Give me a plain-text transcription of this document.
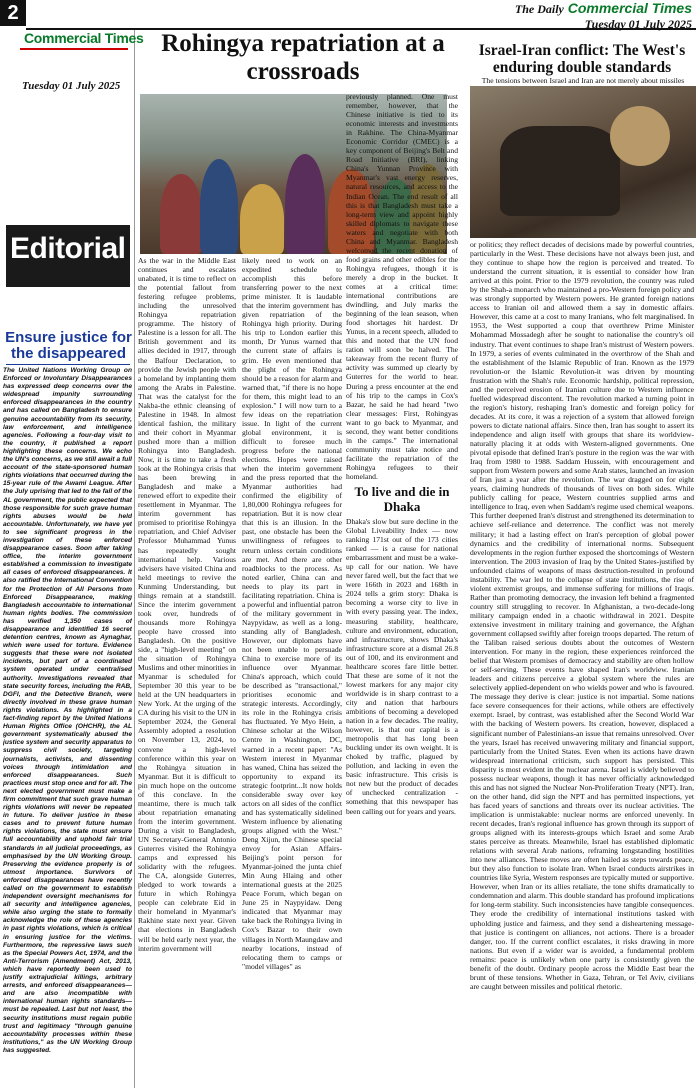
2	The Daily Commercial Times
Tuesday 01 July 2025
Commercial Times
Tuesday 01 July 2025
Editorial
Ensure justice for the disappeared

The United Nations Working Group on Enforced or Involuntary Disappearances has expressed deep concerns over the widespread impunity surrounding enforced disappearances in the country and has called on Bangladesh to ensure genuine accountability from its security, law enforcement, and intelligence agencies. Following a four-day visit to the country, it published a report highlighting these concerns. We echo the UN's concerns, as we still await a full account of the state-sponsored human rights violations that occurred during the 15-year rule of the Awami League. After the July uprising that led to the fall of the AL government, the public expected that those responsible for such grave human rights abuses would be held accountable. Unfortunately, we have yet to see significant progress in the investigation of these enforced disappearance cases. Soon after taking office, the interim government established a commission to investigate all cases of enforced disappearances. It also ratified the International Convention for the Protection of All Persons from Enforced Disappearance, making Bangladesh accountable to international human rights bodies. The commission has verified 1,350 cases of disappearance and identified 16 secret detention centres, known as Aynaghar, which were used for torture. Evidence suggests that these were not isolated incidents, but part of a coordinated system operated under centralised authority. Investigations revealed that state security forces, including the RAB, DGFI, and the Detective Branch, were directly involved in these grave human rights violations. As highlighted in a fact-finding report by the United Nations Human Rights Office (OHCHR), the AL government systematically abused the justice system and security apparatus to suppress civil society, targeting journalists, activists, and dissenting voices through intimidation and enforced disappearances. Such practices must stop once and for all. The next elected government must make a firm commitment that such grave human rights violations will never be repeated in future. To deliver justice in these cases and to prevent future human rights violations, the state must ensure full accountability and uphold fair trial standards in all judicial proceedings, as emphasised by the UN Working Group. Preserving the evidence properly is of utmost importance. Survivors of enforced disappearances have recently called on the government to establish independent oversight mechanisms for all security and intelligence agencies, while also urging the state to formally acknowledge the role of these agencies in past rights violations, which is critical in ensuring justice for the victims. Furthermore, the repressive laws such as the Special Powers Act, 1974, and the Anti-Terrorism (Amendment) Act, 2013, which have reportedly been used to justify extrajudicial killings, arbitrary arrests, and enforced disappearances—and are also incompatible with international human rights standards—must be repealed. Last but not least, the security institutions must regain public trust and legitimacy "through genuine accountability processes within these institutions," as the UN Working Group has suggested.

Rohingya repatriation at a crossroads

As the war in the Middle East continues and escalates unabated, it is time to reflect on the potential fallout from festering refugee problems, including the unresolved Rohingya repatriation programme. The history of Palestine is a lesson for all. The British government and its allies decided in 1917, through the Balfour Declaration, to provide the Jewish people with a homeland by implanting them among the Arabs in Palestine. That was the catalyst for the Nakba-the ethnic cleansing of Palestine in 1948. In almost identical fashion, the military and their cohort in Myanmar pushed more than a million Rohingya into Bangladesh. Now, it is time to take a fresh look at the Rohingya crisis that has been brewing in Bangladesh and make a renewed effort to expedite their resettlement in Myanmar. The interim government has promised to prioritise Rohingya repatriation, and Chief Adviser Professor Muhammad Yunus has repeatedly sought international help. Various advisers have visited China and held meetings to revive the Kunming Understanding, but things remain at a standstill. Since the interim government took over, hundreds of thousands more Rohingya people have crossed into Bangladesh. On the positive side, a "high-level meeting" on the situation of Rohingya Muslims and other minorities in Myanmar is scheduled for September 30 this year to be held at the UN headquarters in New York. At the urging of the CA during his visit to the UN in September 2024, the General Assembly adopted a resolution on November 13, 2024, to convene a high-level conference within this year on the Rohingya situation in Myanmar. But it is difficult to pin much hope on the outcome of this conclave. In the meantime, there is much talk about repatriation emanating from the interim government. During a visit to Bangladesh, UN Secretary-General Antonio Guterres visited the Rohingya camps and expressed his solidarity with the refugees. The CA, alongside Guterres, pledged to work towards a future in which Rohingya people can celebrate Eid in their homeland in Myanmar's Rakhine state next year. Given that elections in Bangladesh will be held early next year, the interim government will

likely need to work on an expedited schedule to accomplish this before transferring power to the next prime minister. It is laudable that the interim government has given repatriation of the Rohingya high priority. During his trip to London earlier this month, Dr Yunus warned that the current state of affairs is grim. He even mentioned that the plight of the Rohingya should be a reason for alarm and warned that, "if there is no hope for them, this might lead to an explosion." I will now turn to a few ideas on the repatriation issue. In light of the current global environment, it is difficult to foresee much progress before the national elections. Hopes were raised when the interim government and the press reported that the Myanmar authorities had confirmed the eligibility of 1,80,000 Rohingya refugees for repatriation. But it is now clear that this is an illusion. In the past, one obstacle has been the unwillingness of refugees to return unless certain conditions are met. And there are other roadblocks to the process. As noted earlier, China can and needs to play its part in facilitating repatriation. China is a powerful and influential patron of the military government in Naypyidaw, as well as a long-standing ally of Bangladesh. However, our diplomats have not been unable to persuade China to exercise more of its influence over Myanmar. China's approach, which could be described as "transactional," prioritises economic and strategic interests. Accordingly, its role in the Rohingya crisis has fluctuated. Ye Myo Hein, a Chinese scholar at the Wilson Centre in Washington, DC, warned in a recent paper: "As Western interest in Myanmar has waned, China has seized the opportunity to expand its strategic footprint...It now holds considerable sway over key actors on all sides of the conflict and has systematically sidelined Western influence by alienating groups aligned with the West." Deng Xijun, the Chinese special envoy for Asian Affairs-Beijing's point person for Myanmar-joined the junta chief Min Aung Hlaing and other international guests at the 2025 Peace Forum, which began on June 25 in Naypyidaw. Deng indicated that Myanmar may take back the Rohingya living in Cox's Bazar to their own villages in North Maungdaw and nearby locations, instead of relocating them to camps or "model villages" as

previously planned. One must remember, however, that the Chinese initiative is tied to its economic interests and investments in Rakhine. The China-Myanmar Economic Corridor (CMEC) is a key component of Beijing's Belt and Road Initiative (BRI), linking China's Yunnan Province with Myanmar's vast energy reserves, natural resources, and access to the Indian Ocean. The end result of all this is that Bangladesh must take a long-term view and appoint highly skilled diplomats to navigate these waters and negotiate with both China and Myanmar. Bangladesh welcomed the recent donation of food grains and other edibles for the Rohingya refugees, though it is merely a drop in the bucket. It comes at a critical time: international contributions are dwindling, and July marks the beginning of the lean season, when food shortages hit hardest. Dr Yunus, in a recent speech, alluded to this and noted that the UN food ration will soon be halved. The takeaway from the recent flurry of activity was summed up clearly by Guterres for the world to hear. During a press encounter at the end of his trip to the camps in Cox's Bazar, he said he had heard "two clear messages: First, Rohingyas want to go back to Myanmar, and second, they want better conditions in the camps." The international community must take notice and facilitate the repatriation of the Rohingya refugees to their homeland.

To live and die in Dhaka

Dhaka's slow but sure decline in the Global Liveability Index — now ranking 171st out of the 173 cities ranked — is a cause for national embarrassment and must be a wake-up call for our nation. We have never fared well, but the fact that we were 166th in 2023 and 168th in 2024 tells a grim story: Dhaka is becoming a worse city to live in with every passing year. The index, measuring stability, healthcare, culture and environment, education, and infrastructure, shows Dhaka's infrastructure score at a dismal 26.8 out of 100, and its environment and healthcare scores fare little better. That these are some of it not the lowest markers for any major city worldwide is in sharp contrast to a city and nation that harbours ambitions of becoming a developed nation in a few decades. The reality, however, is that our capital is a metropolis that has long been buckling under its own weight. It is choked by traffic, plagued by pollution, and lacking in even the basic infrastructure. This crisis is not new but the product of decades of unchecked centralization - something that this newspaper has been calling out for years and years.

Israel-Iran conflict: The West's enduring double standards
The tensions between Israel and Iran are not merely about missiles

or politics; they reflect decades of decisions made by powerful countries, particularly in the West. These decisions have not always been just, and they continue to shape how the region is perceived and treated. To understand the current situation, it is essential to consider how Iran arrived at this point. Prior to the 1979 revolution, the country was ruled by the Shah-a monarch who maintained a pro-Western foreign policy and was strongly supported by Western powers. He granted foreign nations access to Iranian oil and allowed them a say in domestic affairs. However, this came at a cost to many Iranians, who felt marginalised. In 1953, the West supported a coup that overthrew Prime Minister Mohammad Mossadegh after he sought to nationalise the country's oil industry. That event continues to shape Iran's mistrust of Western powers. In 1979, a series of events culminated in the overthrow of the Shah and the establishment of the Islamic Republic of Iran. Known as the 1979 revolution-or the Islamic Revolution-it was driven by mounting frustration with the Shah's rule. Economic hardship, political repression, and the perceived erosion of Iranian culture due to Western influence fuelled widespread discontent. The revolution marked a turning point in the region's history, reshaping Iran's domestic and foreign policy for decades. At its core, it was a rejection of a system that allowed foreign powers to dictate national affairs. Since then, Iran has sought to assert its independence and align itself with groups that share its worldview-naturally placing it at odds with Western-aligned governments. One pivotal episode that defined Iran's posture in the region was the war with Iraq from 1980 to 1988. Saddam Hussein, with encouragement and support from Western powers and some Arab states, launched an invasion of Iran just a year after the revolution. The war dragged on for eight years, claiming hundreds of thousands of lives on both sides. While publicly calling for peace, Western countries supplied arms and intelligence to Iraq, even when Saddam's regime used chemical weapons. This further deepened Iran's distrust and strengthened its determination to achieve self-reliance and deterrence. The conflict was not merely military; it had a lasting effect on Iran's perception of global power dynamics and the credibility of international norms. Subsequent developments in the region further exposed the shortcomings of Western intervention. The 2003 invasion of Iraq by the United States-justified by unfounded claims of weapons of mass destruction-resulted in profound instability. The war led to the collapse of state institutions, the rise of violent extremist groups, and immense suffering for millions of Iraqis. Rather than promoting democracy, the invasion left behind a fragmented country still struggling to recover. In Afghanistan, a two-decade-long military campaign ended in a chaotic withdrawal in 2021. Despite extensive investment in military training and governance, the Afghan government collapsed swiftly after foreign troops departed. The return of the Taliban raised serious doubts about the outcomes of Western intervention. For many in the region, these experiences reinforced the belief that Western promises of democracy and stability are often hollow or self-serving. These events have shaped Iran's worldview. Iranian leaders and citizens perceive a global system where the rules are selectively applied-dependent on who wields power and who is favoured. The message they derive is clear: justice is not impartial. Some nations face severe consequences for their actions, while others are effectively exempt. Israel, by contrast, was established after the Second World War with the backing of Western powers. Its creation, however, displaced a significant number of Palestinians-an issue that remains unresolved. Over the years, Israel has received unwavering military and financial support, particularly from the United States. Even when its actions have drawn widespread international criticism, such support has persisted. This disparity is most evident in the nuclear arena. Israel is widely believed to possess nuclear weapons, though it has never officially acknowledged this and has not signed the Nuclear Non-Proliferation Treaty (NPT). Iran, on the other hand, did sign the NPT and has permitted inspections, yet has faced years of sanctions and threats over its nuclear activities. The implication is unmistakable: nuclear norms are enforced unevenly. In recent decades, Iran's regional influence has grown through its support of groups aligned with its interests-groups which Israel and some Arab states perceive as threats. Meanwhile, Israel has established diplomatic relations with several Arab nations, reframing longstanding hostilities into new alliances. These moves are often hailed as steps towards peace, but they also function to isolate Iran. When Israel conducts airstrikes in countries like Syria, Western responses are typically muted or supportive. However, when Iran or its allies retaliate, the tone shifts dramatically to condemnation and alarm. This double standard has profound implications for long-term stability. Such inconsistencies have tangible consequences. They erode the credibility of international institutions tasked with upholding justice and fairness, and they send a disheartening message-that justice is contingent on alliances, not actions. There is a broader danger, too. If the current conflict escalates, it risks drawing in more nations. But even if a wider war is avoided, a fundamental problem remains: peace is unlikely when one party is consistently given the benefit of the doubt. Ordinary people across the Middle East bear the brunt of these tensions. Whether in Gaza, Tehran, or Tel Aviv, civilians are caught between missiles and political rhetoric.
